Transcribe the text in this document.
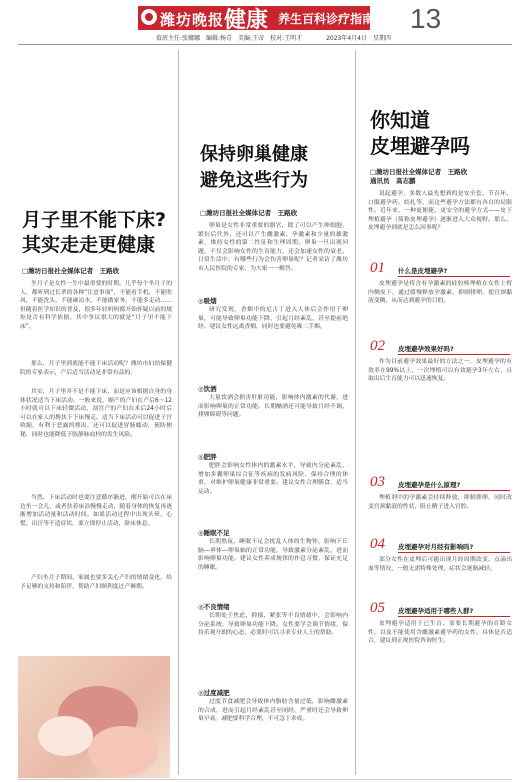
潍坊晚报 健康 养生百科诊疗指南 13
值班主任:张娜娜　编辑:杨青　美编:王帝　校对:王明才　　　　2023年4月4日　星期四
月子里不能下床?
其实走走更健康
□潍坊日报社全媒体记者　王路欣

坐月子是女性一生中最重要的时期。几乎每个坐月子的人，都听到过长辈的各种“注意事项”，不能看手机，不能吹风，不能洗头，不能碰凉水，不能做家务，不能多走动……但随着医学知识的普及，很多年轻妈妈都开始怀疑以前的规矩是否有科学依据。其中争议很大的就是“月子里不能下床”。

那么，月子里到底能不能下床活动呢？潍坊市妇幼保健院的专家表示，产后适当活动是非常有益的。

其实，月子里并不是不能下床，而是应该根据自身的身体状况适当下床活动。一般来说，顺产的产妇在产后6～12小时就可以下床轻微活动，剖宫产的产妇在术后24小时后可以在家人的搀扶下下床慢走。适当下床活动可以促进子宫收缩，有利于恶露的排出，还可以促进胃肠蠕动，预防便秘，同时也能降低下肢静脉血栓的发生风险。

当然，下床活动时也要注意循序渐进，刚开始可以在床边坐一会儿，或者扶着床沿慢慢走动，随着身体的恢复再逐渐增加活动量和活动时间。如果活动过程中出现头晕、心慌、出汗等不适症状，要立即停止活动，卧床休息。

产妇坐月子期间，家属也要多关心产妇的情绪变化，给予足够的支持和陪伴，帮助产妇顺利度过产褥期。

保持卵巢健康
避免这些行为
□潍坊日报社全媒体记者　王路欣

卵巢是女性非常重要的器官，除了可以产生卵细胞，繁衍后代外，还可以产生雌激素、孕激素和少量的雄激素，维持女性的第二性征和生理周期。卵巢一旦出现问题，不仅会影响女性的生育能力，还会加速女性的衰老。日常生活中，有哪些行为会伤害卵巢呢？记者采访了潍坊市人民医院的专家，为大家一一解答。

◎吸烟

研究发现，香烟中的尼古丁进入人体后会作用于卵巢，可能导致卵巢功能下降，引起月经紊乱，甚至提前绝经。建议女性远离香烟，同时也要避免吸二手烟。

◎饮酒

大量饮酒会损害肝脏功能，影响体内激素的代谢，进而影响卵巢的正常功能。长期酗酒还可能导致月经不调、排卵障碍等问题。

◎肥胖

肥胖会影响女性体内的激素水平，导致内分泌紊乱，增加多囊卵巢综合征等疾病的发病风险。保持合理的体重，对维护卵巢健康非常重要。建议女性合理膳食，适当运动。

◎睡眠不足

长期熬夜、睡眠不足会扰乱人体的生物钟，影响下丘脑—垂体—卵巢轴的正常功能，导致激素分泌紊乱，进而影响卵巢功能。建议女性养成规律的作息习惯，保证充足的睡眠。

◎不良情绪

长期处于焦虑、抑郁、紧张等不良情绪中，会影响内分泌系统，导致卵巢功能下降。女性要学会调节情绪，保持乐观开朗的心态，必要时可以寻求专业人士的帮助。

◎过度减肥

过度节食减肥会导致体内脂肪含量过低，影响雌激素的合成，进而引起月经紊乱甚至闭经，严重时还会导致卵巢早衰。减肥要科学合理，不可急于求成。

你知道
皮埋避孕吗
□潍坊日报社全媒体记者　王路欣
通讯员　高志鹏

说起避孕，多数人最先想到的是安全套、节育环、口服避孕药、结扎等，而这些避孕方法都有各自的局限性。近年来，一种更便捷、更安全的避孕方式——皮下埋植避孕（简称皮埋避孕）逐渐进入大众视野。那么，皮埋避孕到底是怎么回事呢？

01 什么是皮埋避孕?

皮埋避孕是将含有孕激素的硅胶棒埋植在女性上臂内侧皮下，通过缓慢释放孕激素，抑制排卵，使宫颈黏液变稠，从而达到避孕的目的。

02 皮埋避孕效果好吗?

作为目前避孕效果最好的方法之一，皮埋避孕的有效率在99%以上，一次埋植可以有效避孕3年左右，且取出后生育能力可以迅速恢复。

03 皮埋避孕是什么原理?

埋植剂中的孕激素会持续释放，抑制排卵，同时改变宫颈黏液的性状，阻止精子进入宫腔。

04 皮埋避孕对月经有影响吗?

部分女性在皮埋后可能出现月经周期改变、点滴出血等情况，一般无需特殊处理，症状会逐渐减轻。

05 皮埋避孕适用于哪些人群?

皮埋避孕适用于已生育、需要长期避孕的育龄女性，以及不能使用含雌激素避孕药的女性。具体是否适合，建议到正规医院咨询医生。
